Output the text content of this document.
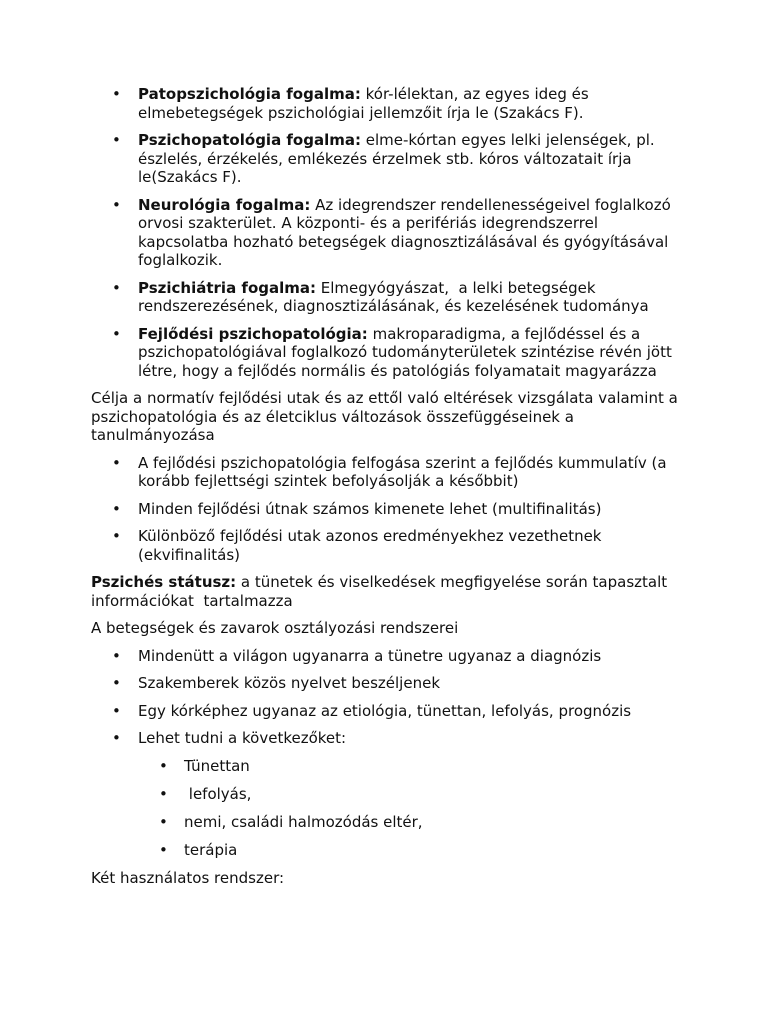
• Patopszichológia fogalma: kór-lélektan, az egyes ideg és elmebetegségek pszichológiai jellemzőit írja le (Szakács F).
• Pszichopatológia fogalma: elme-kórtan egyes lelki jelenségek, pl. észlelés, érzékelés, emlékezés érzelmek stb. kóros változatait írja le(Szakács F).
• Neurológia fogalma: Az idegrendszer rendellenességeivel foglalkozó orvosi szakterület. A központi- és a perifériás idegrendszerrel kapcsolatba hozható betegségek diagnosztizálásával és gyógyításával foglalkozik.
• Pszichiátria fogalma: Elmegyógyászat,  a lelki betegségek rendszerezésének, diagnosztizálásának, és kezelésének tudománya
• Fejlődési pszichopatológia: makroparadigma, a fejlődéssel és a pszichopatológiával foglalkozó tudományterületek szintézise révén jött létre, hogy a fejlődés normális és patológiás folyamatait magyarázza

Célja a normatív fejlődési utak és az ettől való eltérések vizsgálata valamint a pszichopatológia és az életciklus változások összefüggéseinek a tanulmányozása

• A fejlődési pszichopatológia felfogása szerint a fejlődés kummulatív (a korább fejlettségi szintek befolyásolják a későbbit)
• Minden fejlődési útnak számos kimenete lehet (multifinalitás)
• Különböző fejlődési utak azonos eredményekhez vezethetnek (ekvifinalitás)

Pszichés státusz: a tünetek és viselkedések megfigyelése során tapasztalt információkat  tartalmazza

A betegségek és zavarok osztályozási rendszerei

• Mindenütt a világon ugyanarra a tünetre ugyanaz a diagnózis
• Szakemberek közös nyelvet beszéljenek
• Egy kórképhez ugyanaz az etiológia, tünettan, lefolyás, prognózis
• Lehet tudni a következőket:
• Tünettan
• lefolyás,
• nemi, családi halmozódás eltér,
• terápia

Két használatos rendszer:
